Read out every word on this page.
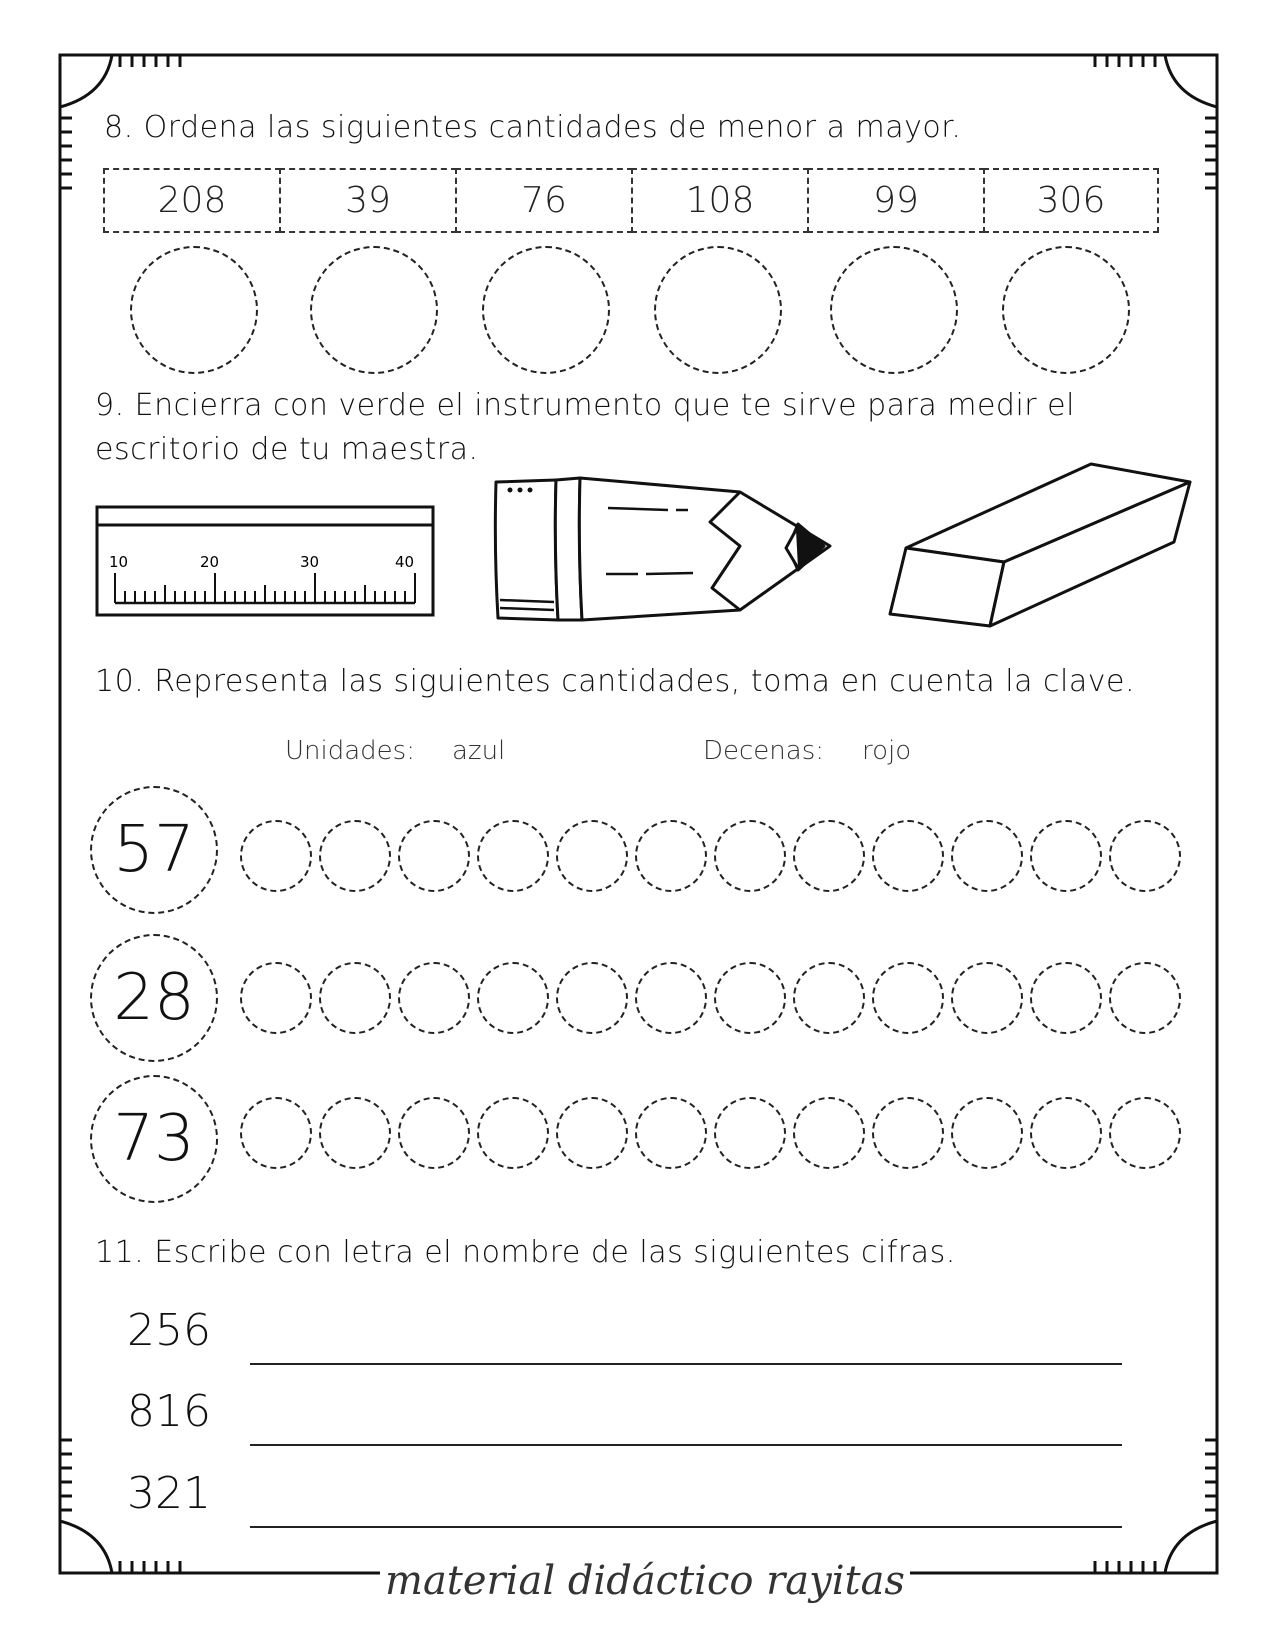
8. Ordena las siguientes cantidades de menor a mayor.
208	39	76	108	99	306
9. Encierra con verde el instrumento que te sirve para medir el
escritorio de tu maestra.
10	20	30	40
10. Representa las siguientes cantidades, toma en cuenta la clave.
Unidades: azul	Decenas: rojo
57
28
73
11. Escribe con letra el nombre de las siguientes cifras.
256
816
321
material didáctico rayitas
